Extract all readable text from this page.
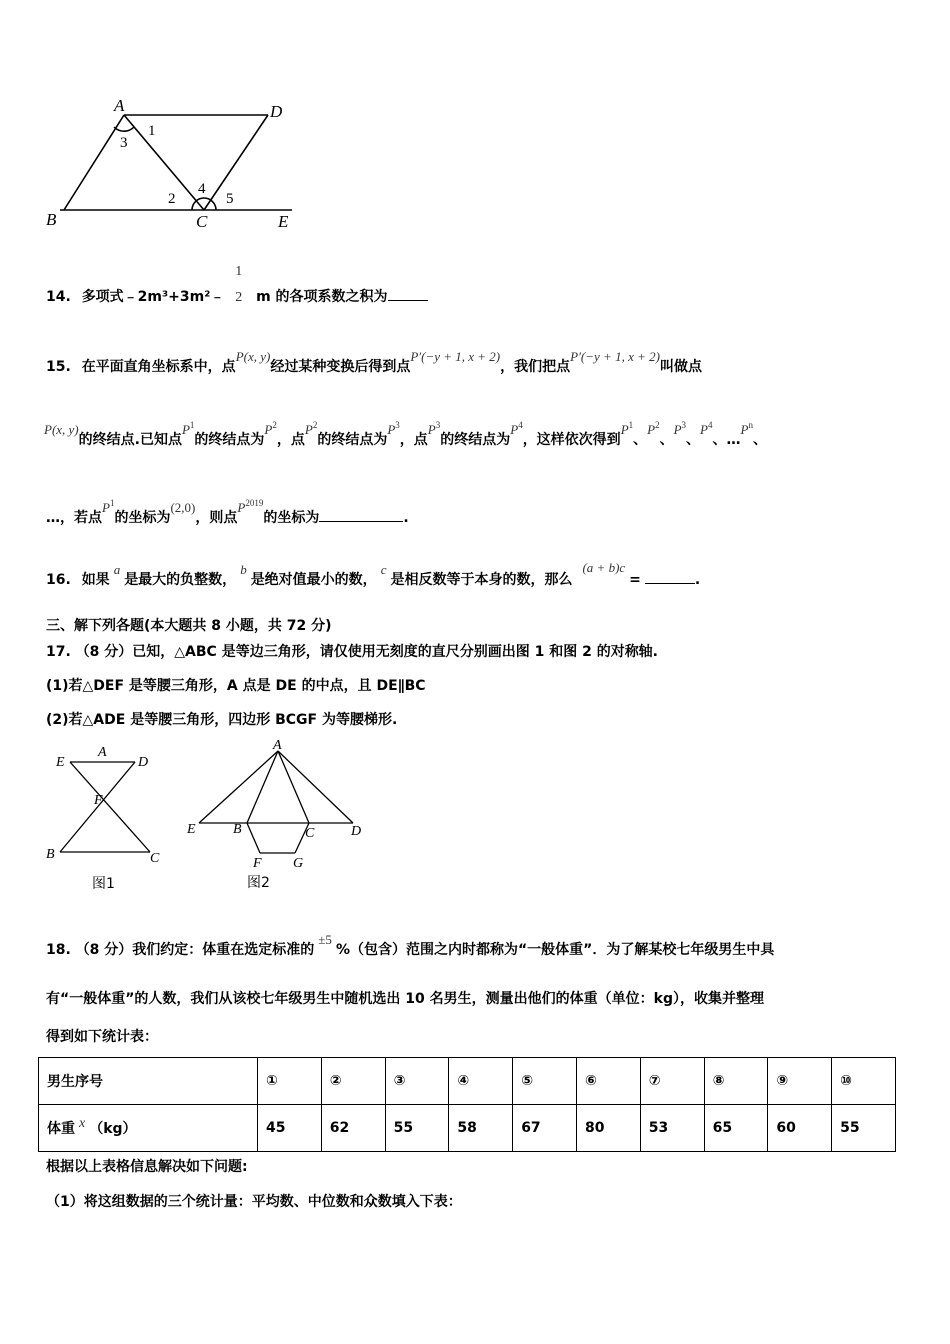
A	D
B	C	E
1
3
2
4
5
14. 多项式﹣2m³+3m²﹣
1
2 m 的各项系数之积为
15. 在平面直角坐标系中，点P(x, y)经过某种变换后得到点P′(−y + 1, x + 2)，我们把点P′(−y + 1, x + 2)叫做点
P(x, y)的终结点.已知点$P^1$的终结点为$P^2$，点$P^2$的终结点为$P^3$，点$P^3$的终结点为$P^4$，这样依次得到$P^1$、$P^2$、$P^3$、$P^4$、$\dots P^n$、
…，若点$P^1$的坐标为(2,0)，则点$P^{2019}$的坐标为	.
16. 如果a是最大的负整数，b是绝对值最小的数，c是相反数等于本身的数，那么(a + b)c=	.
三、解下列各题(本大题共 8 小题，共 72 分)
17. （8 分）已知，△ABC 是等边三角形，请仅使用无刻度的直尺分别画出图 1 和图 2 的对称轴.
(1)若△DEF 是等腰三角形，A 点是 DE 的中点，且 DE∥BC
(2)若△ADE 是等腰三角形，四边形 BCGF 为等腰梯形.
E
A
D
F
B	C
图1
A
E	B	C	D
F G
图2
18. （8 分）我们约定：体重在选定标准的±5%（包含）范围之内时都称为“一般体重”．为了解某校七年级男生中具
有“一般体重”的人数，我们从该校七年级男生中随机选出 10 名男生，测量出他们的体重（单位：kg），收集并整理
得到如下统计表：
男生序号	①	②	③	④	⑤	⑥	⑦	⑧	⑨	⑩
体重 x （kg）	45	62	55	58	67	80	53	65	60	55
根据以上表格信息解决如下问题:
（1）将这组数据的三个统计量：平均数、中位数和众数填入下表：
